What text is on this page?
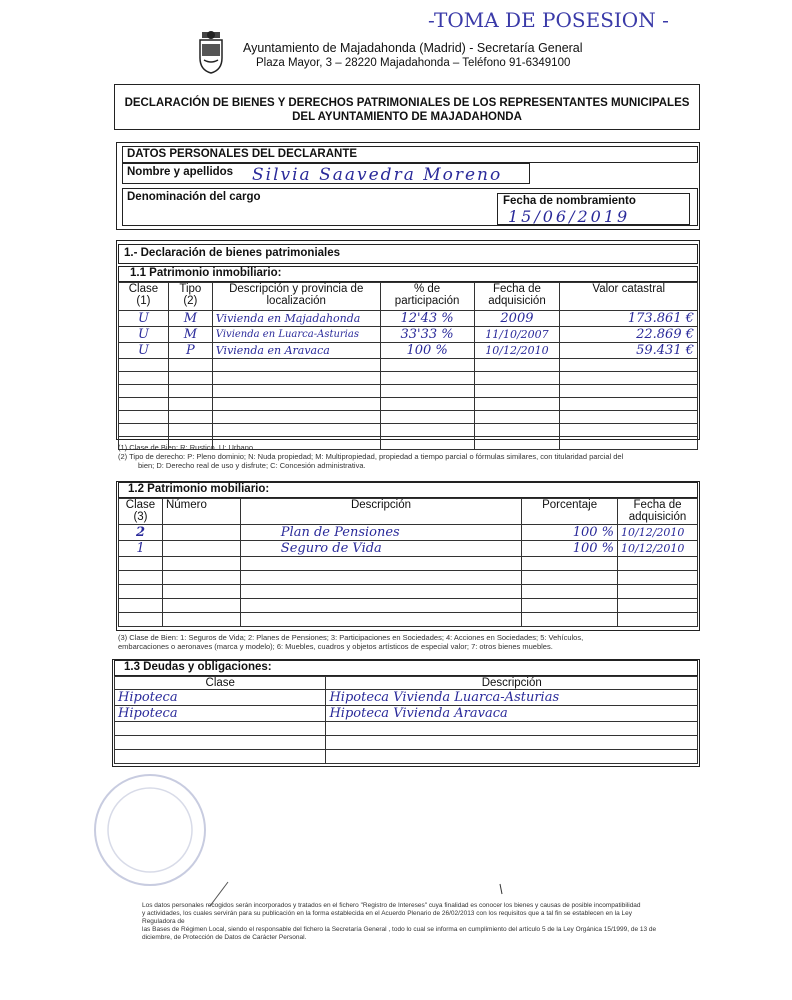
-TOMA DE POSESION -
Ayuntamiento de Majadahonda (Madrid) - Secretaría General
Plaza Mayor, 3 – 28220 Majadahonda – Teléfono 91-6349100
DECLARACIÓN DE BIENES Y DERECHOS PATRIMONIALES DE LOS REPRESENTANTES MUNICIPALES
DEL AYUNTAMIENTO DE MAJADAHONDA
DATOS PERSONALES DEL DECLARANTE
Nombre y apellidos Silvia Saavedra Moreno
Denominación del cargo	Fecha de nombramiento
15/06/2019
1.- Declaración de bienes patrimoniales
1.1 Patrimonio inmobiliario:
Clase (1)	Tipo (2)	Descripción y provincia de localización	% de participación	Fecha de adquisición	Valor catastral
U	M	Vivienda en Majadahonda	12'43 %	2009	173.861 €
U	M	Vivienda en Luarca-Asturias	33'33 %	11/10/2007	22.869 €
U	P	Vivienda en Aravaca	100 %	10/12/2010	59.431 €

(1) Clase de Bien: R: Rustico. U: Urbano
(2) Tipo de derecho: P: Pleno dominio; N: Nuda propiedad; M: Multipropiedad, propiedad a tiempo parcial o fórmulas similares, con titularidad parcial del
bien; D: Derecho real de uso y disfrute; C: Concesión administrativa.
1.2 Patrimonio mobiliario:
Clase (3)	Número	Descripción	Porcentaje	Fecha de adquisición
2		Plan de Pensiones	100 %	10/12/2010
1		Seguro de Vida	100 %	10/12/2010

(3) Clase de Bien: 1: Seguros de Vida; 2: Planes de Pensiones; 3: Participaciones en Sociedades; 4: Acciones en Sociedades; 5: Vehículos,
embarcaciones o aeronaves (marca y modelo); 6: Muebles, cuadros y objetos artísticos de especial valor; 7: otros bienes muebles.
1.3 Deudas y obligaciones:
Clase	Descripción
Hipoteca	Hipoteca Vivienda Luarca-Asturias
Hipoteca	Hipoteca Vivienda Aravaca

Los datos personales recogidos serán incorporados y tratados en el fichero "Registro de Intereses" cuya finalidad es conocer los bienes y causas de posible incompatibilidad
y actividades, los cuales servirán para su publicación en la forma establecida en el Acuerdo Plenario de 26/02/2013 con los requisitos que a tal fin se establecen en la Ley Reguladora de
las Bases de Régimen Local, siendo el responsable del fichero la Secretaría General , todo lo cual se informa en cumplimiento del artículo 5 de la Ley Orgánica 15/1999, de 13 de
diciembre, de Protección de Datos de Carácter Personal.
